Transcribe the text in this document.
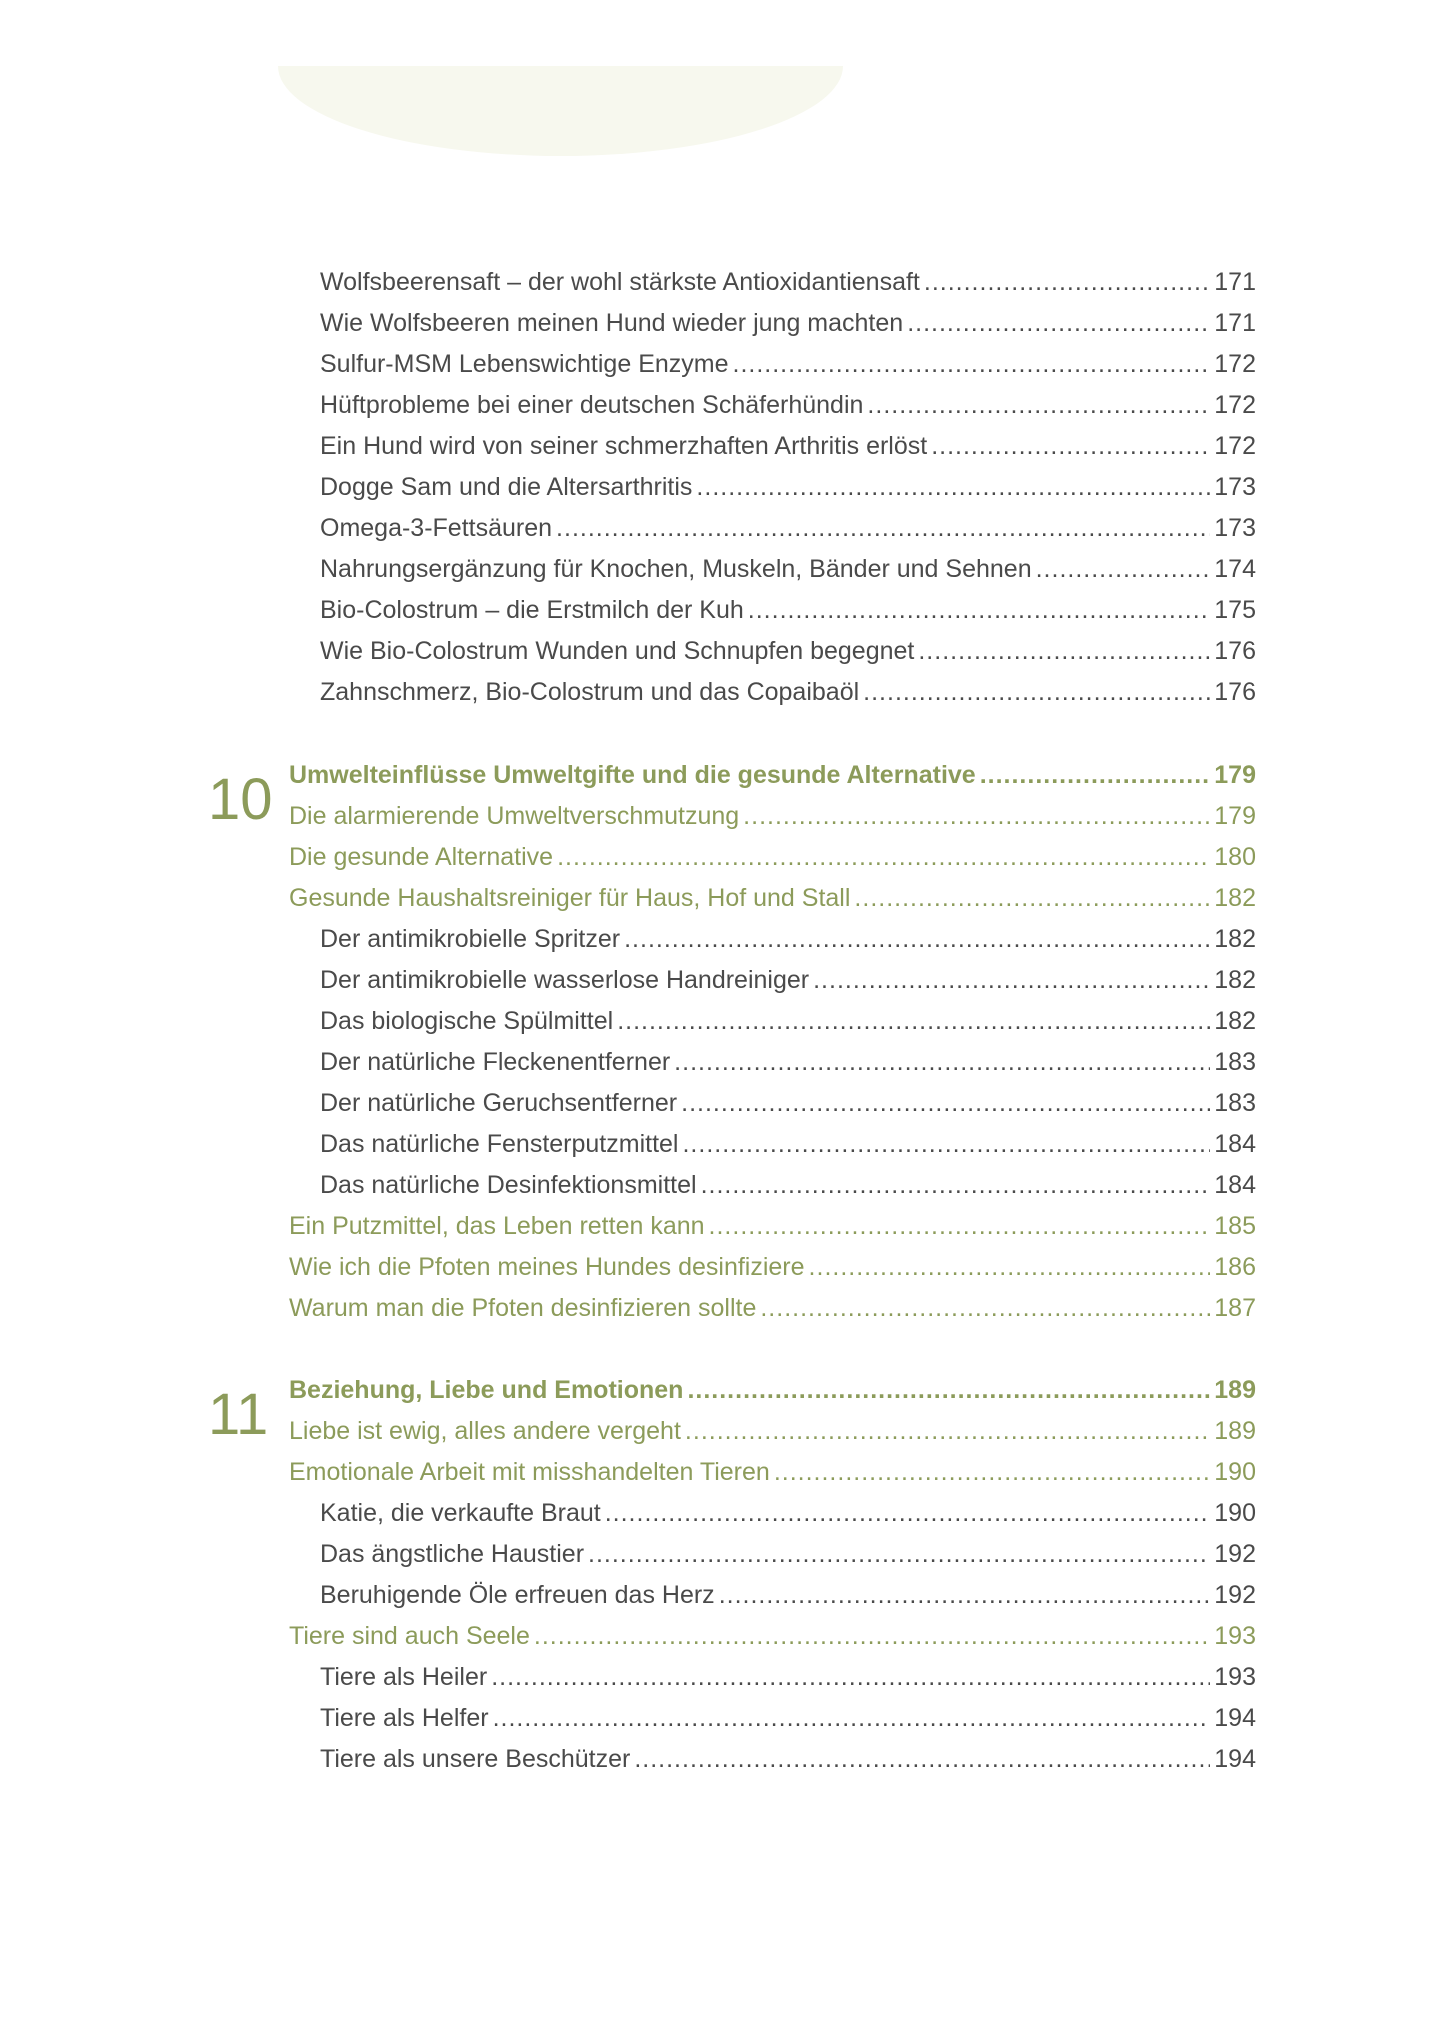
Wolfsbeerensaft – der wohl stärkste Antioxidantiensaft .....	171
Wie Wolfsbeeren meinen Hund wieder jung machten .....	171
Sulfur-MSM Lebenswichtige Enzyme .....	172
Hüftprobleme bei einer deutschen Schäferhündin .....	172
Ein Hund wird von seiner schmerzhaften Arthritis erlöst .....	172
Dogge Sam und die Altersarthritis .....	173
Omega-3-Fettsäuren .....	173
Nahrungsergänzung für Knochen, Muskeln, Bänder und Sehnen .....	174
Bio-Colostrum – die Erstmilch der Kuh .....	175
Wie Bio-Colostrum Wunden und Schnupfen begegnet .....	176
Zahnschmerz, Bio-Colostrum und das Copaibaöl .....	176
10 Umwelteinflüsse Umweltgifte und die gesunde Alternative .....	179
Die alarmierende Umweltverschmutzung .....	179
Die gesunde Alternative .....	180
Gesunde Haushaltsreiniger für Haus, Hof und Stall .....	182
Der antimikrobielle Spritzer .....	182
Der antimikrobielle wasserlose Handreiniger .....	182
Das biologische Spülmittel .....	182
Der natürliche Fleckenentferner .....	183
Der natürliche Geruchsentferner .....	183
Das natürliche Fensterputzmittel .....	184
Das natürliche Desinfektionsmittel .....	184
Ein Putzmittel, das Leben retten kann .....	185
Wie ich die Pfoten meines Hundes desinfiziere .....	186
Warum man die Pfoten desinfizieren sollte .....	187
11 Beziehung, Liebe und Emotionen .....	189
Liebe ist ewig, alles andere vergeht .....	189
Emotionale Arbeit mit misshandelten Tieren .....	190
Katie, die verkaufte Braut .....	190
Das ängstliche Haustier .....	192
Beruhigende Öle erfreuen das Herz .....	192
Tiere sind auch Seele .....	193
Tiere als Heiler .....	193
Tiere als Helfer .....	194
Tiere als unsere Beschützer .....	194
